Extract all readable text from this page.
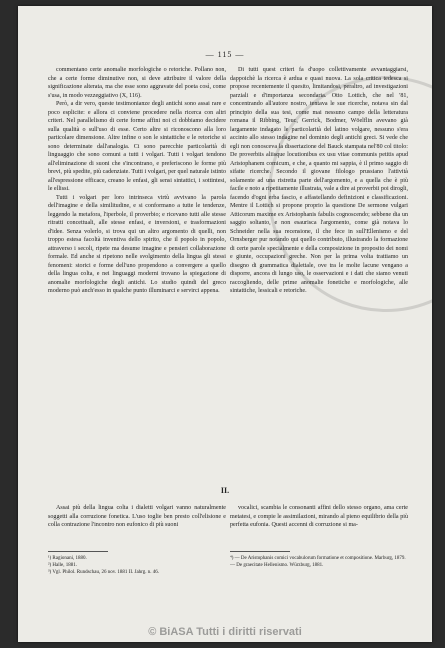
— 115 —

commentano certe anomalie morfologiche o retoriche. Pollano non, che a certe forme diminutive non, si deve attribuire il valore della significazione alterata, ma che esse sono aggravate del poeta così, come s'usa, in modo vezzeggiativo (X, 116).

Però, a dir vero, queste testimonianze degli antichi sono assai rare e poco esplicite: e allora ci conviene procedere nella ricerca con altri criteri. Nel parallelismo di certe forme affini noi ci dobbiamo decidere sulla qualità o sull'uso di esse. Certo altre si riconoscono alla loro particolare dimensione. Altre infine o son le sintattiche e le retoriche si sono determinate dall'analogia. Ci sono parecchie particolarità di linguaggio che sono comuni a tutti i volgari. Tutti i volgari tendono all'eliminazione di suoni che s'incontrano, e preferiscono le forme più brevi, più spedite, più cadenziate. Tutti i volgari, per quel naturale istinto all'espressione efficace, creano le enfasi, gli sensi sintattici, i sottintesi, le ellissi.

Tutti i volgari per loro intrinseca virtù avvivano la parola dell'imagine e della similitudine, e si conformano a tutte le tendenze, leggendo la metafora, l'iperbole, il proverbio; e ricevano tutti alle stesse ritratti concettuali, alle stesse enfasi, e inversioni, e trasformazioni d'idee. Senza volerlo, si trova qui un altro argomento di quelli, non troppo estesa facoltà inventiva dello spirito, che il popolo in popolo, attraverso i secoli, ripete ma desume imagine e pensieri collaborazione formale. Ed anche si ripetono nelle svolgimento della lingua gli stessi fenomeni: storici e forme dell'uno propendono a convergere a quello della lingua colta, e nei linguaggi moderni trovano la spiegazione di anomalie morfologiche degli antichi. Lo studio quindi del greco moderno può anch'esso in qualche punto illuminarci e servirci appena.

Di tutti quest criteri fa d'uopo collettivamente avvantaggiarsi, dappoichè la ricerca è ardua e quasi nuova. La sola critica tedesca si propose recentemente il quesito, limitandosi, peraltro, ad investigazioni parziali e d'importanza secondaria. Otto Lottich, che nel '81, concentrando all'autore nostro, tentava le sue ricerche, notava sin dal principio della sua tesi, come mai nessuno campo della letteratura romana il Ribbing, Teuc, Gerrick, Bodmer, Wöelflin avevano già largamente indagato le particolarità del latino volgare, nessuno s'era accinto allo stesso indagine nel dominio degli antichi greci. Si vede che egli non conosceva la dissertazione del Bauck stampata nel'80 col titolo: De proverbiis aliisque locutionibus ex usu vitae communis petitis apud Aristophanem comicum, e che, a quanto mi sappia, è il primo saggio di sifatte ricerche. Secondo il giovane filologo prussiano l'attività solamente ad una ristretta parte dell'argomento, e a quella che è più facile e noto a ripetitamente illustrata, vale a dire ai proverbii poi dirogli, facendo d'ogni erba fascio, e affastellando definizioni e classificazioni. Mentre il Lottich si propone proprio la questione De sermone vulgari Atticorum maxime ex Aristophanis fabulis cognoscendo; sebbene dia un saggio soltanto, e non esaurisca l'argomento, come già notava lo Schneider nella sua recensione, il che fece in sull'Ellenismo e del Ornsberger pur notando qui quello contributo, illustrando la formazione di certe parole specialmente e della composizione in proposito dei nomi e giunte, occupazioni greche. Non per la prima volta trattiamo un disegno di grammatica dialettale, ove tra le molte lacune vengano a disporre, ancora di lungo uso, le osservazioni e i dati che siamo venuti raccogliendo, delle prime anomalie fonetiche e morfologiche, alle sintattiche, lessicali e retoriche.

II.

Assai più della lingua colta i dialetti volgari vanno naturalmente soggetti alla corruzione fonetica. L'uso toglie ben presto coll'elisione e colla contrazione l'incontro non eufonico di più suoni

vocalici, scambia le consonanti affini dello stesso organo, ama certe metatesi, e compie le assimilazioni, mirando al pieno equilibrio della più perfetta eufonia. Questi accenni di corruzione si ma-

¹) Ragionani, 1880.
²) Halle, 1881.
³) Vgl. Philol. Rundschau, 26 nov. 1881 II. Jahrg. n. 46.
⁴) — De Aristophanis comici vocabulorum formatione et compositione. Marburg, 1879.
— De graecitate Hellenismo. Würzburg, 1881.
© BiASA Tutti i diritti riservati
